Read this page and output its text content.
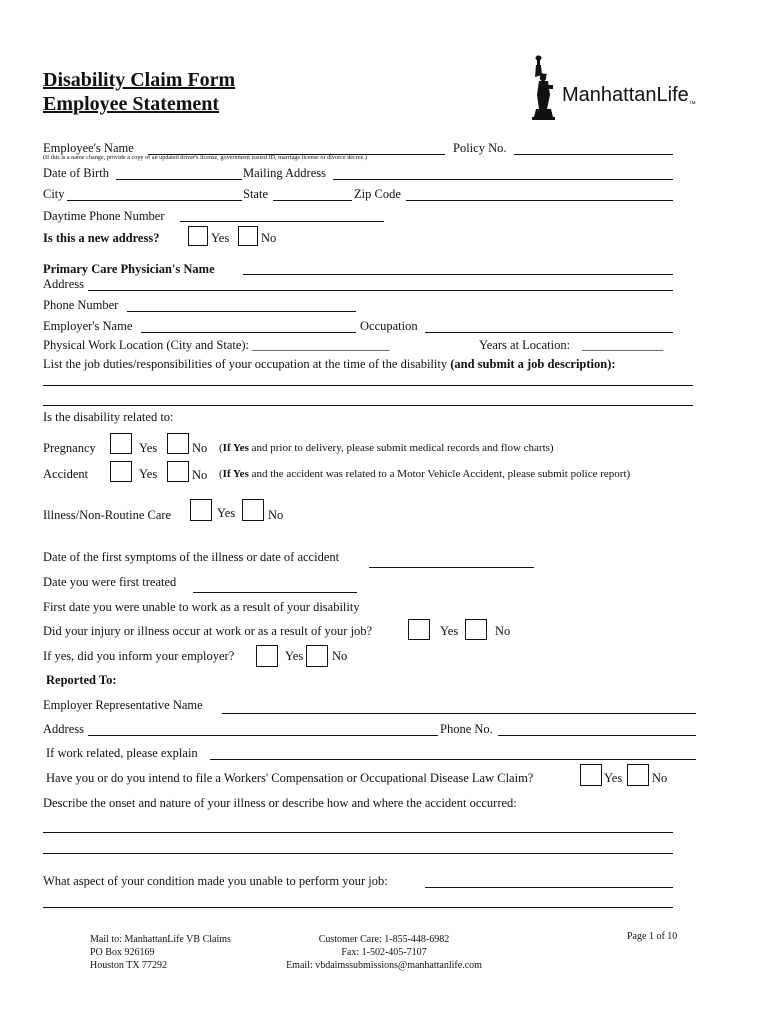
Disability Claim Form
Employee Statement	ManhattanLife$_™$
Employee's Name	Policy No.
(If this is a name change, provide a copy of an updated driver's license, government issued ID, marriage license or divorce decree.)
Date of Birth	Mailing Address
City	State	Zip Code
Daytime Phone Number
Is this a new address?	Yes	No
Primary Care Physician's Name
Address
Phone Number
Employer's Name	Occupation
Physical Work Location (City and State): ______________________	Years at Location: _____________
List the job duties/responsibilities of your occupation at the time of the disability (and submit a job description):
Is the disability related to:
Pregnancy	Yes	No (If Yes and prior to delivery, please submit medical records and flow charts)
Accident	Yes	No (If Yes and the accident was related to a Motor Vehicle Accident, please submit police report)
Illness/Non-Routine Care	Yes	No
Date of the first symptoms of the illness or date of accident
Date you were first treated
First date you were unable to work as a result of your disability
Did your injury or illness occur at work or as a result of your job?	Yes	No
If yes, did you inform your employer?	Yes No
Reported To:
Employer Representative Name
Address	Phone No.
If work related, please explain
Have you or do you intend to file a Workers' Compensation or Occupational Disease Law Claim?	Yes No
Describe the onset and nature of your illness or describe how and where the accident occurred:
What aspect of your condition made you unable to perform your job:
Mail to: ManhattanLife VB Claims
PO Box 926169
Houston TX 77292
Customer Care: 1-855-448-6982
Fax: 1-502-405-7107
Email: vbdaimssubmissions@manhattanlife.com
Page 1 of 10
